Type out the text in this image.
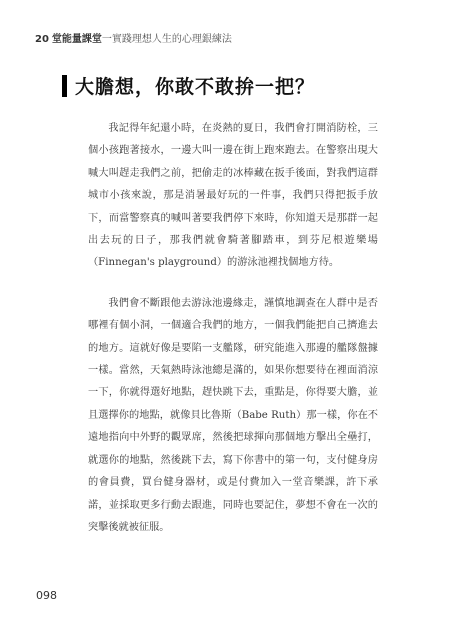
20 堂能量課堂一實踐理想人生的心理銀練法
大膽想，你敢不敢拚一把？

我記得年紀還小時，在炎熱的夏日，我們會打開消防栓，三個小孩跑著接水，一邊大叫一邊在街上跑來跑去。在警察出現大喊大叫趕走我們之前，把偷走的冰棒藏在扳手後面，對我們這群城市小孩來說，那是消暑最好玩的一件事，我們只得把扳手放下，而當警察真的喊叫著要我們停下來時，你知道天是那群一起出去玩的日子，那我們就會騎著腳踏車，到芬尼根遊樂場（Finnegan's playground）的游泳池裡找個地方待。

我們會不斷跟他去游泳池邊緣走，謹慎地調查在人群中是否哪裡有個小洞，一個適合我們的地方，一個我們能把自己擠進去的地方。這就好像是要陷一支艦隊，研究能進入那邊的艦隊盤據一樣。當然，天氣熱時泳池總是滿的，如果你想要待在裡面消涼一下，你就得選好地點，趕快跳下去，重點是，你得要大膽，並且選擇你的地點，就像貝比魯斯（Babe Ruth）那一樣，你在不遠地指向中外野的觀眾席，然後把球揮向那個地方擊出全壘打，就選你的地點，然後跳下去，寫下你書中的第一句，支付健身房的會員費，買台健身器材，或是付費加入一堂音樂課，許下承諾，並採取更多行動去跟進，同時也要記住，夢想不會在一次的突擊後就被征服。

098
